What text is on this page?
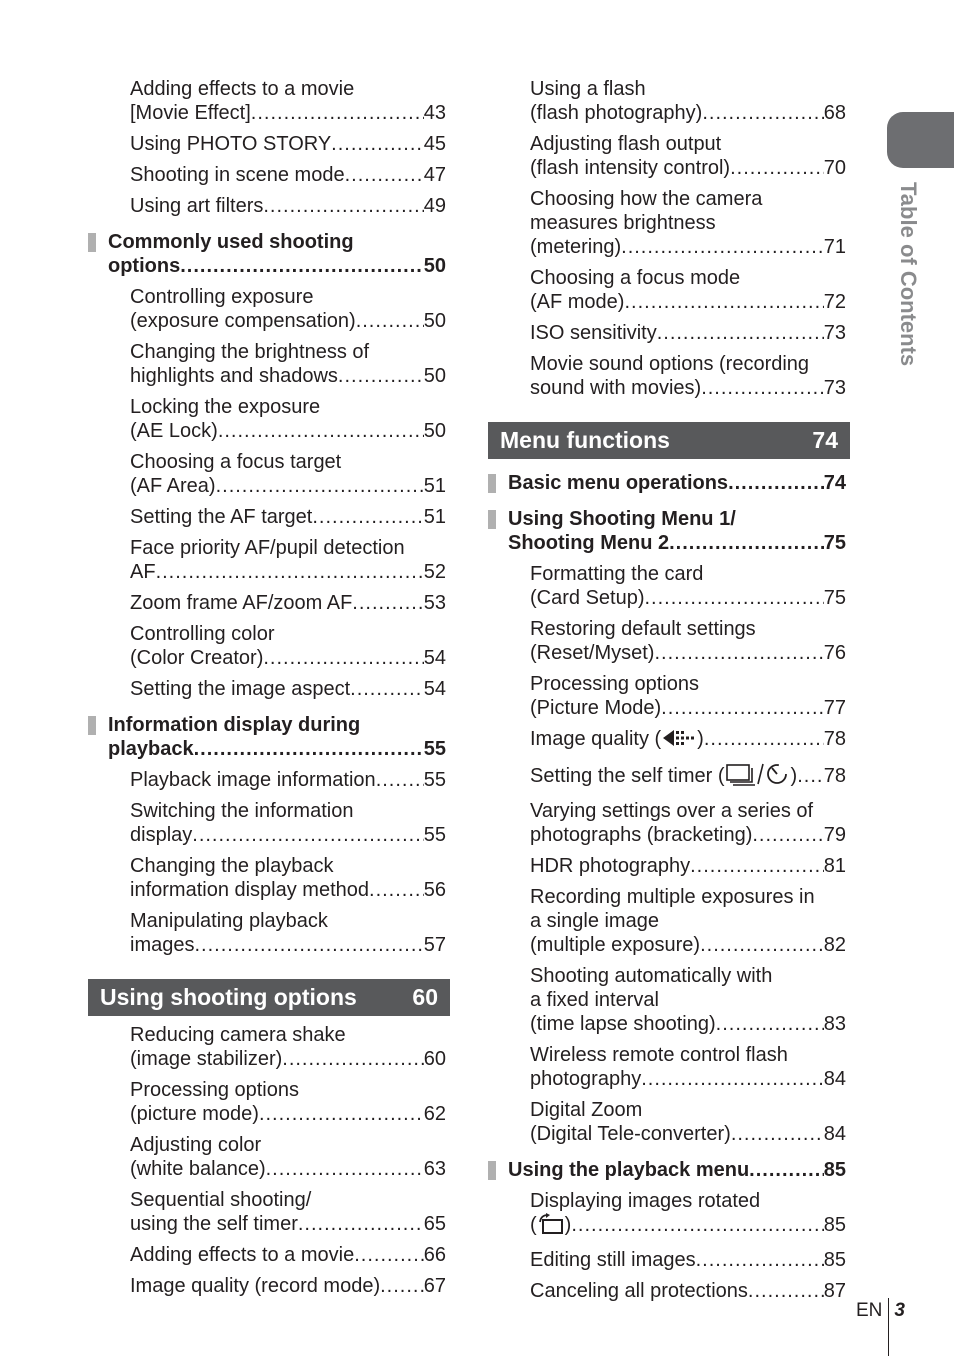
Adding effects to a movie
[Movie Effect] .....	43
Using PHOTO STORY .....	45
Shooting in scene mode .....	47
Using art filters .....	49
Commonly used shooting
options .....	50
Controlling exposure
(exposure compensation) .....	50
Changing the brightness of
highlights and shadows .....	50
Locking the exposure
(AE Lock) .....	50
Choosing a focus target
(AF Area) .....	51
Setting the AF target .....	51
Face priority AF/pupil detection
AF .....	52
Zoom frame AF/zoom AF .....	53
Controlling color
(Color Creator) .....	54
Setting the image aspect .....	54
Information display during
playback .....	55
Playback image information ..... 55
Switching the information
display .....	55
Changing the playback
information display method .....	56
Manipulating playback
images .....	57
Using shooting options 60
Reducing camera shake
(image stabilizer) .....	60
Processing options
(picture mode) .....	62
Adjusting color
(white balance) .....	63
Sequential shooting/
using the self timer .....	65
Adding effects to a movie .....	66
Image quality (record mode) ..... 67
Using a flash
(flash photography) .....	68
Adjusting flash output
(flash intensity control) .....	70
Choosing how the camera
measures brightness
(metering) .....	71
Choosing a focus mode
(AF mode) .....	72
ISO sensitivity .....	73
Movie sound options (recording
sound with movies) .....	73
Menu functions	74
Basic menu operations .....	74
Using Shooting Menu 1/
Shooting Menu 2 .....	75
Formatting the card
(Card Setup) .....	75
Restoring default settings
(Reset/Myset) .....	76
Processing options
(Picture Mode) .....	77
Image quality ( ) .....	78
Setting the self timer (	) ..... 78
Varying settings over a series of
photographs (bracketing) .....	79
HDR photography .....	81
Recording multiple exposures in
a single image
(multiple exposure) .....	82
Shooting automatically with
a fixed interval
(time lapse shooting) .....	83
Wireless remote control flash
photography .....	84
Digital Zoom
(Digital Tele-converter) .....	84
Using the playback menu .....	85
Displaying images rotated
( ) .....	85
Editing still images .....	85
Canceling all protections .....	87
Table of Contents
EN 3
